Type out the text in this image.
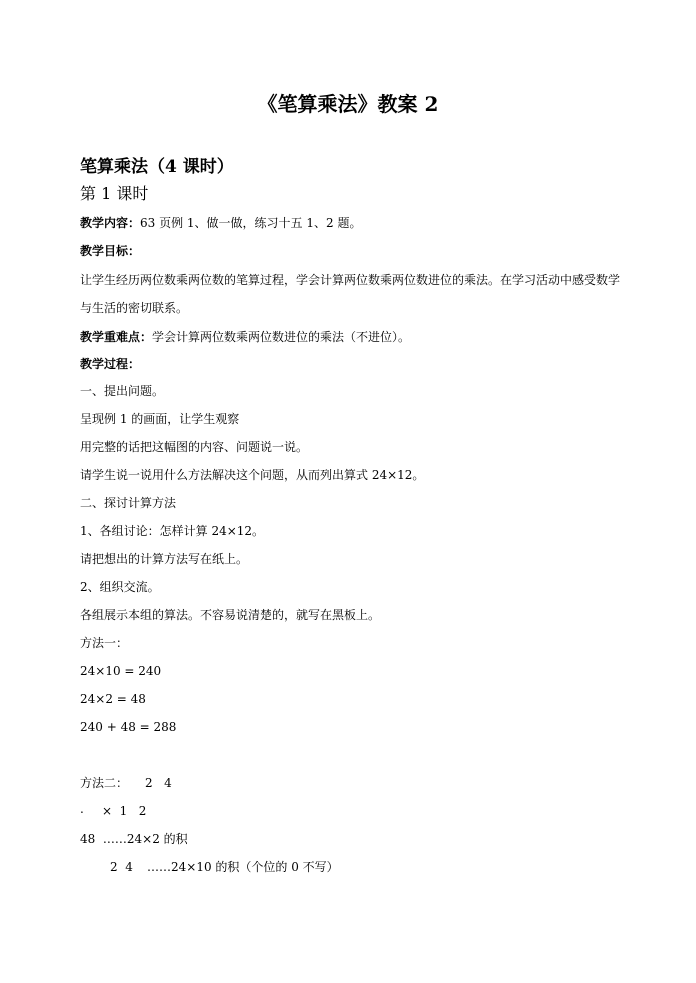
《笔算乘法》教案 2
笔算乘法（4 课时）
第 1 课时
教学内容：63 页例 1、做一做，练习十五 1、2 题。
教学目标：
让学生经历两位数乘两位数的笔算过程，学会计算两位数乘两位数进位的乘法。在学习活动中感受数学与生活的密切联系。
教学重难点：学会计算两位数乘两位数进位的乘法（不进位）。
教学过程：
一、提出问题。
呈现例 1 的画面，让学生观察
用完整的话把这幅图的内容、问题说一说。
请学生说一说用什么方法解决这个问题，从而列出算式 24×12。
二、探讨计算方法
1、各组讨论：怎样计算 24×12。
请把想出的计算方法写在纸上。
2、组织交流。
各组展示本组的算法。不容易说清楚的，就写在黑板上。
方法一：
24×10 = 240
24×2 = 48
240 + 48 = 288
方法二： 2   4
. ×  1   2
48  ……24×2 的积
2  4 ……24×10 的积（个位的 0 不写）
